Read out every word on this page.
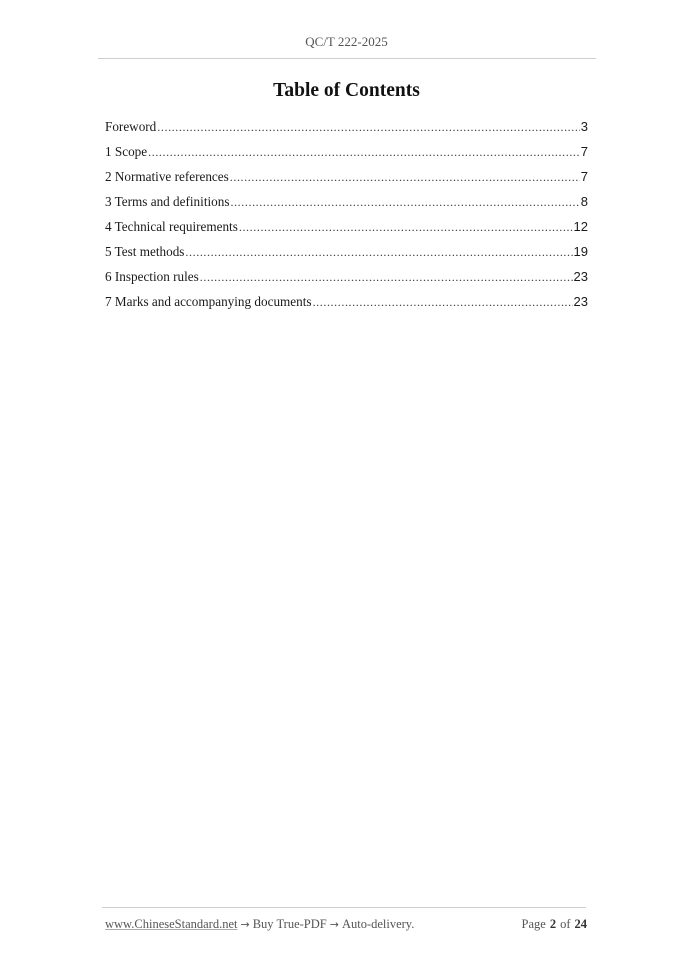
QC/T 222-2025
Table of Contents
Foreword .....	3
1 Scope .....	7
2 Normative references .....	7
3 Terms and definitions .....	8
4 Technical requirements .....	12
5 Test methods .....	19
6 Inspection rules .....	23
7 Marks and accompanying documents .....	23
www.ChineseStandard.net → Buy True-PDF → Auto-delivery.	Page 2 of 24
